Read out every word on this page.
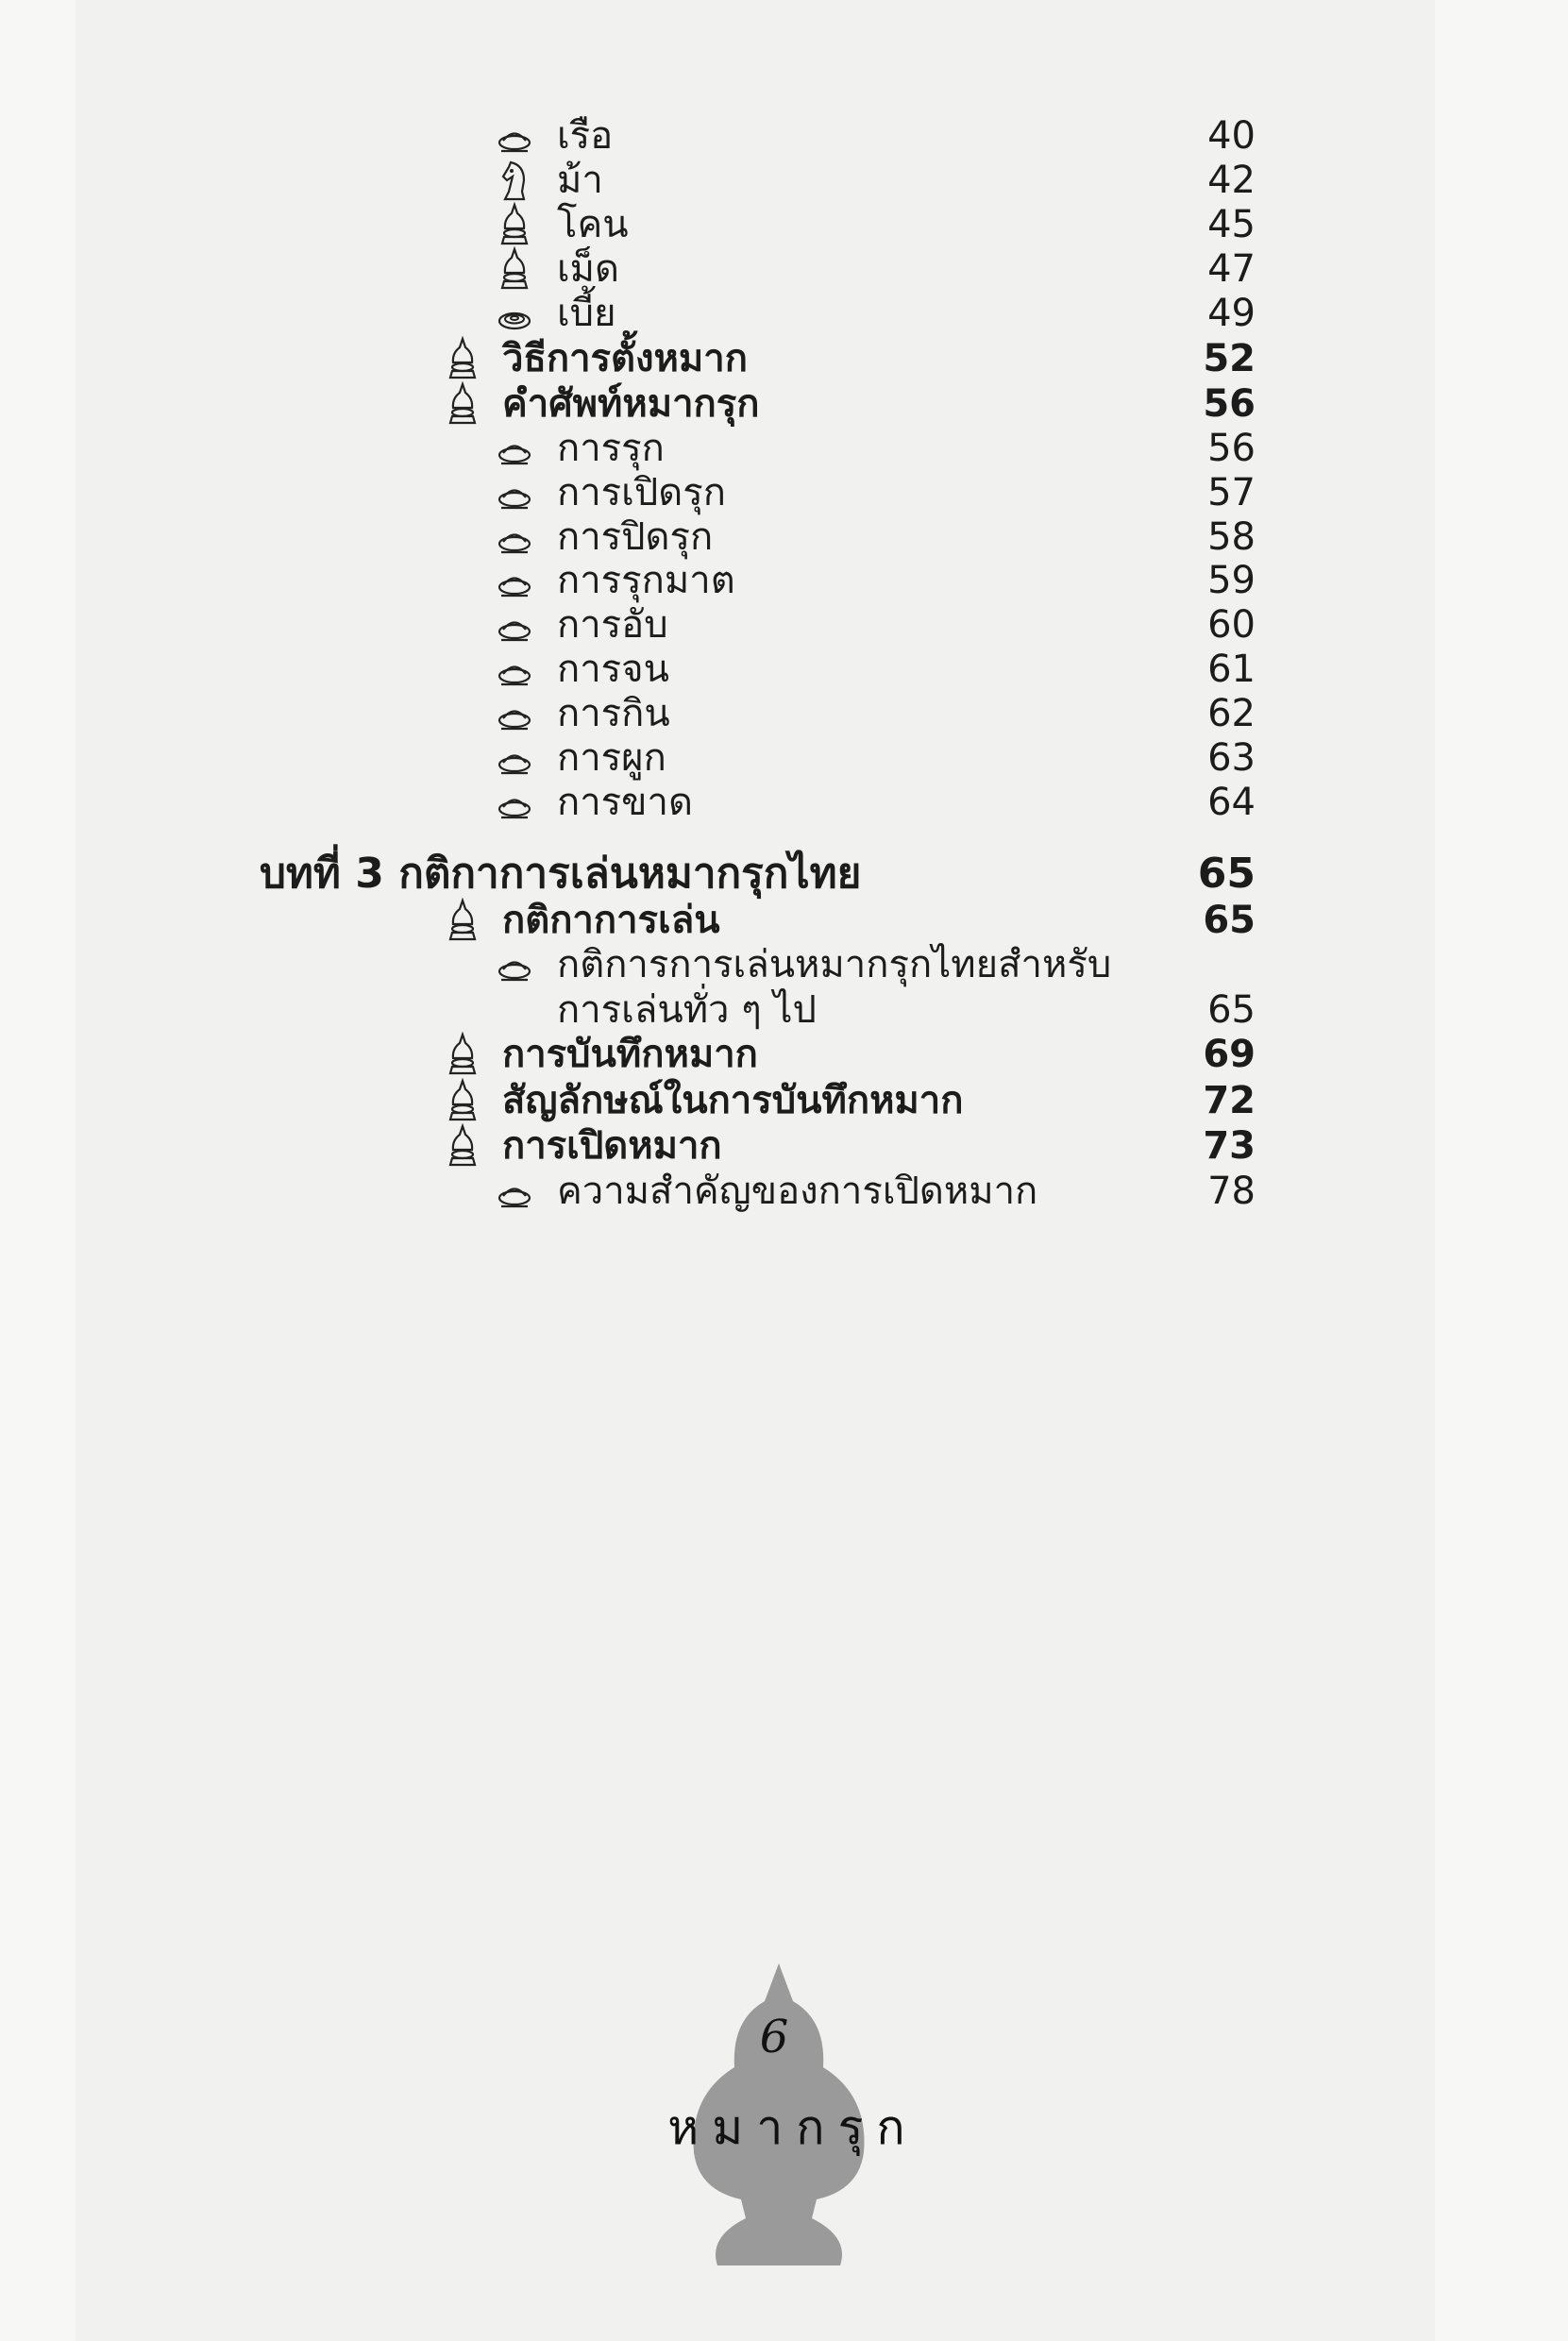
เรือ	40
ม้า	42
โคน	45
เม็ด	47
เบี้ย	49
วิธีการตั้งหมาก	52
คำศัพท์หมากรุก	56
การรุก	56
การเปิดรุก	57
การปิดรุก	58
การรุกมาต	59
การอับ	60
การจน	61
การกิน	62
การผูก	63
การขาด	64
บทที่ 3 กติกาการเล่นหมากรุกไทย	65
กติกาการเล่น	65
กติการการเล่นหมากรุกไทยสำหรับ
การเล่นทั่ว ๆ ไป	65
การบันทึกหมาก	69
สัญลักษณ์ในการบันทึกหมาก	72
การเปิดหมาก	73
ความสำคัญของการเปิดหมาก	78
6
หมากรุก
